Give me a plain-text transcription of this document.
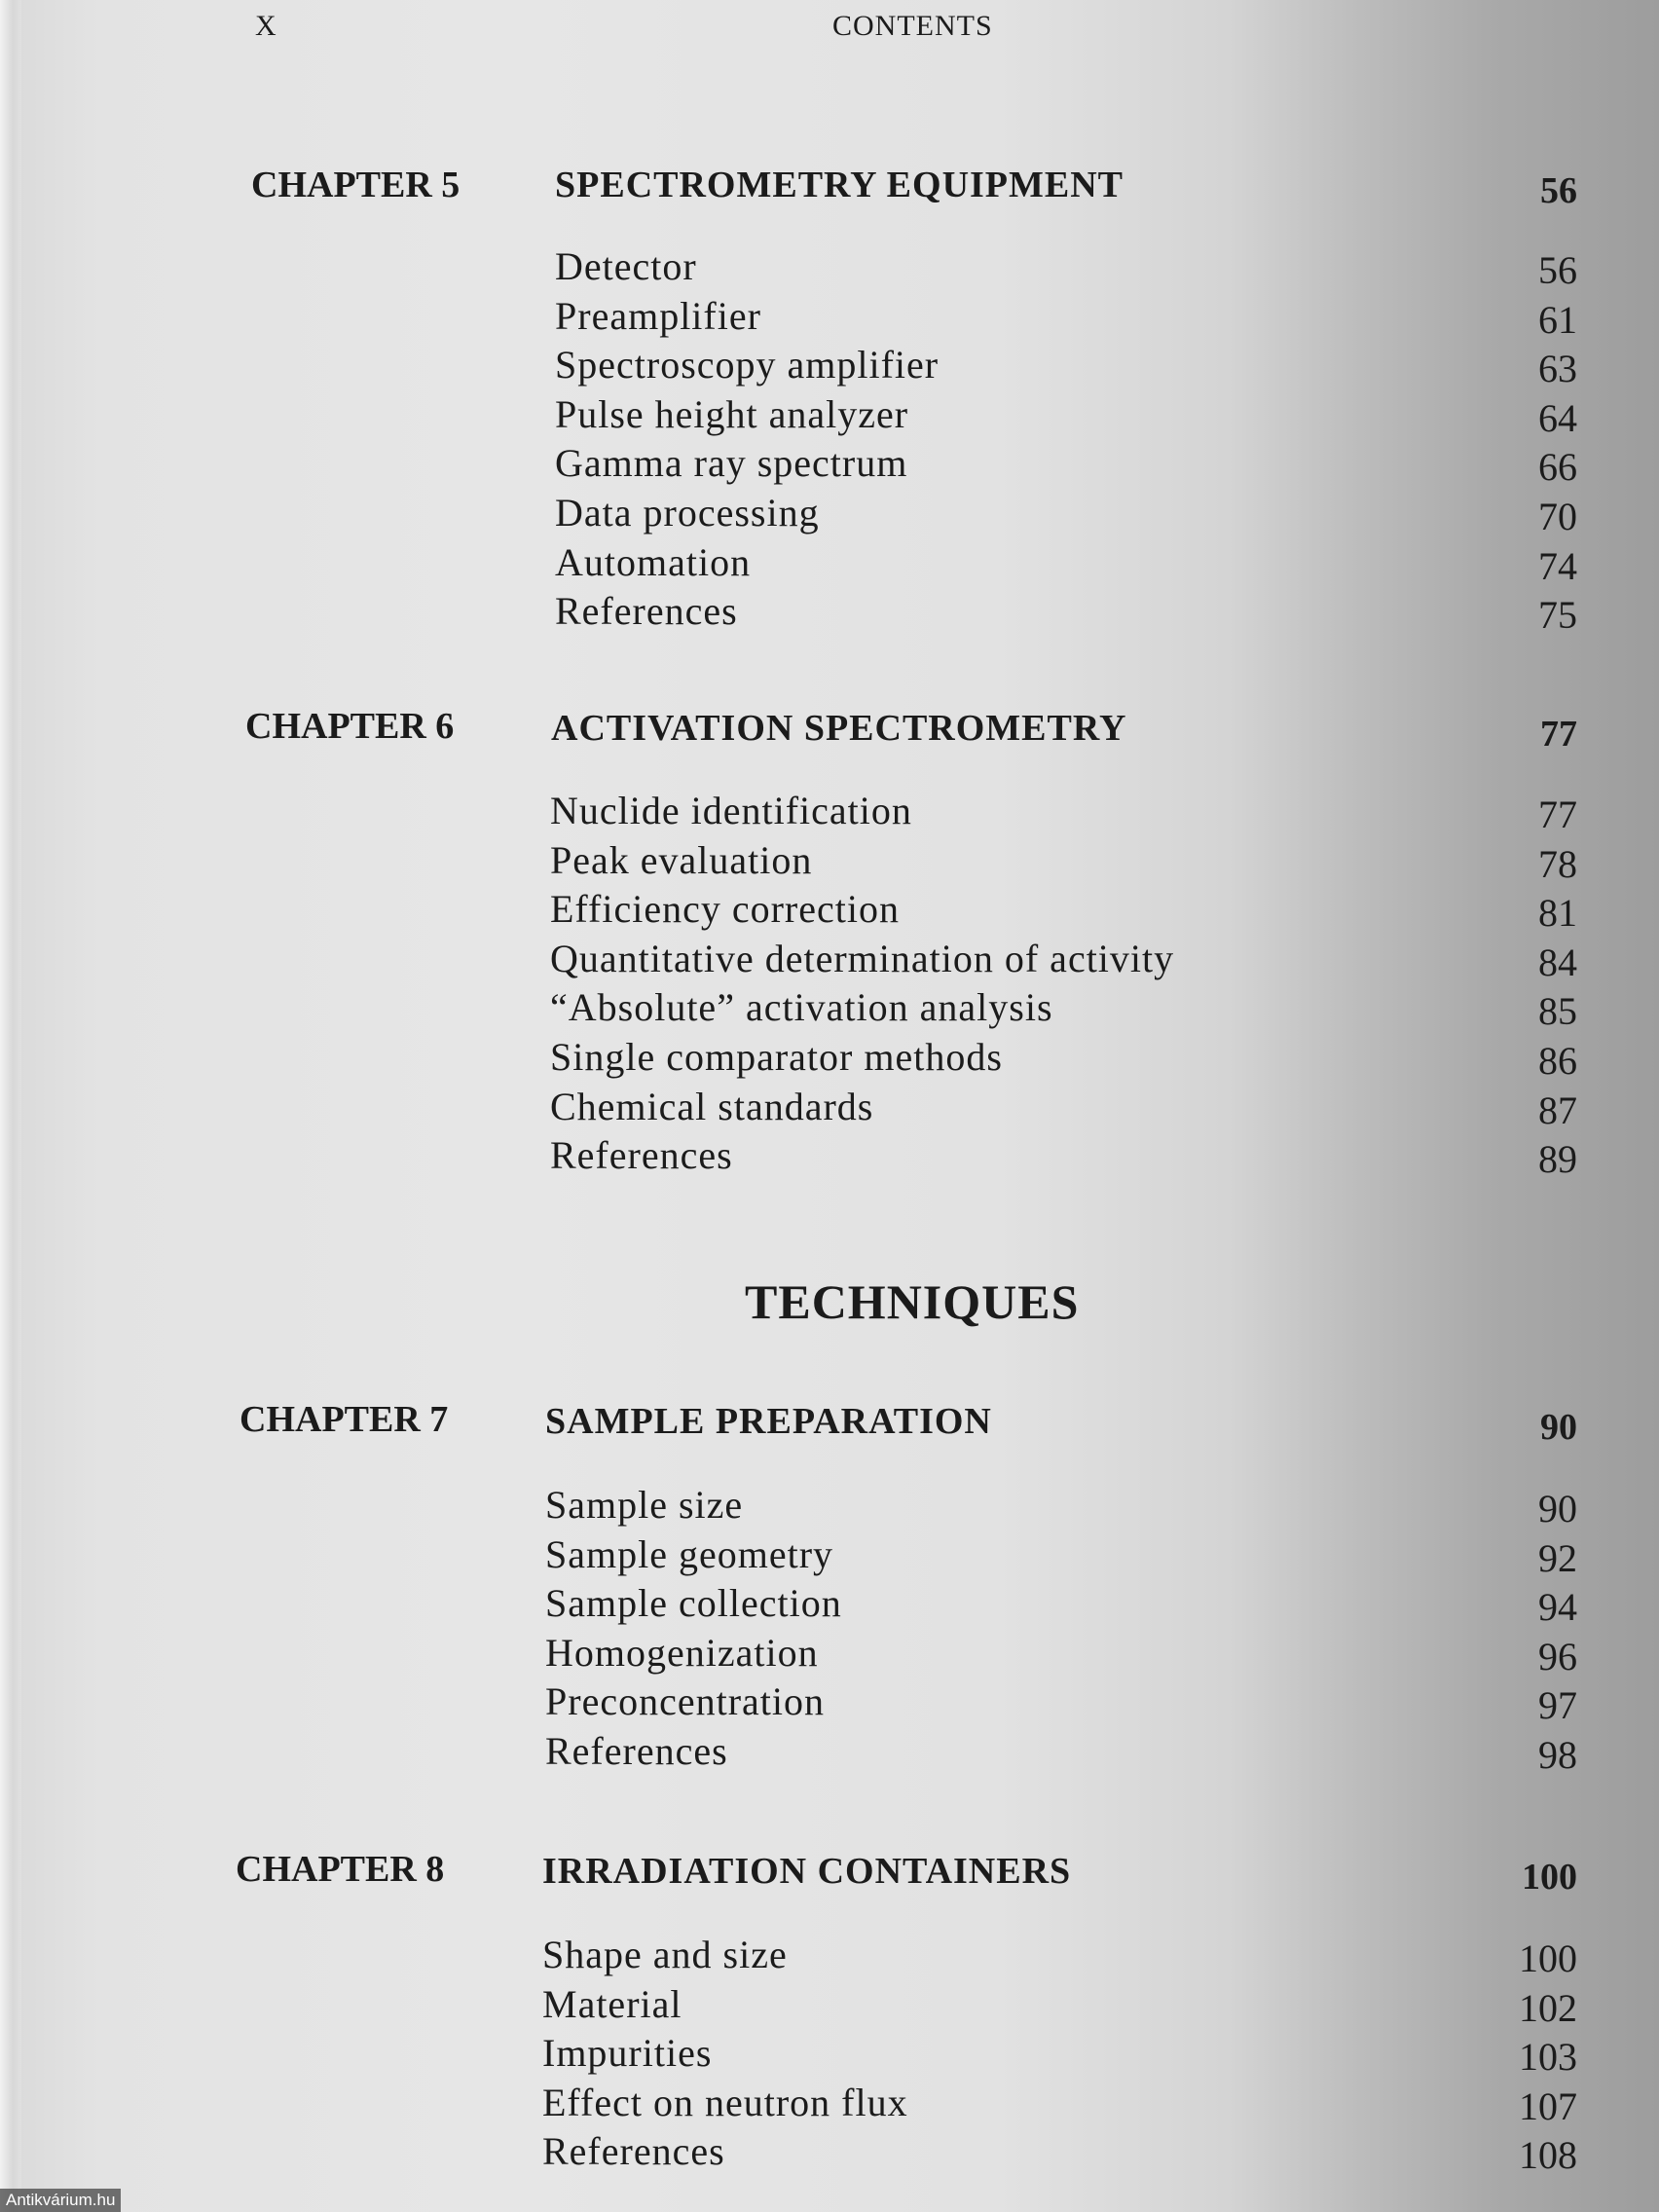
X	CONTENTS
CHAPTER 5	SPECTROMETRY EQUIPMENT	56
Detector	56
Preamplifier	61
Spectroscopy amplifier	63
Pulse height analyzer	64
Gamma ray spectrum	66
Data processing	70
Automation	74
References	75
CHAPTER 6	ACTIVATION SPECTROMETRY	77
Nuclide identification	77
Peak evaluation	78
Efficiency correction	81
Quantitative determination of activity	84
“Absolute” activation analysis	85
Single comparator methods	86
Chemical standards	87
References	89
TECHNIQUES
CHAPTER 7	SAMPLE PREPARATION	90
Sample size	90
Sample geometry	92
Sample collection	94
Homogenization	96
Preconcentration	97
References	98
CHAPTER 8	IRRADIATION CONTAINERS	100
Shape and size	100
Material	102
Impurities	103
Effect on neutron flux	107
References	108
Antikvárium.hu
